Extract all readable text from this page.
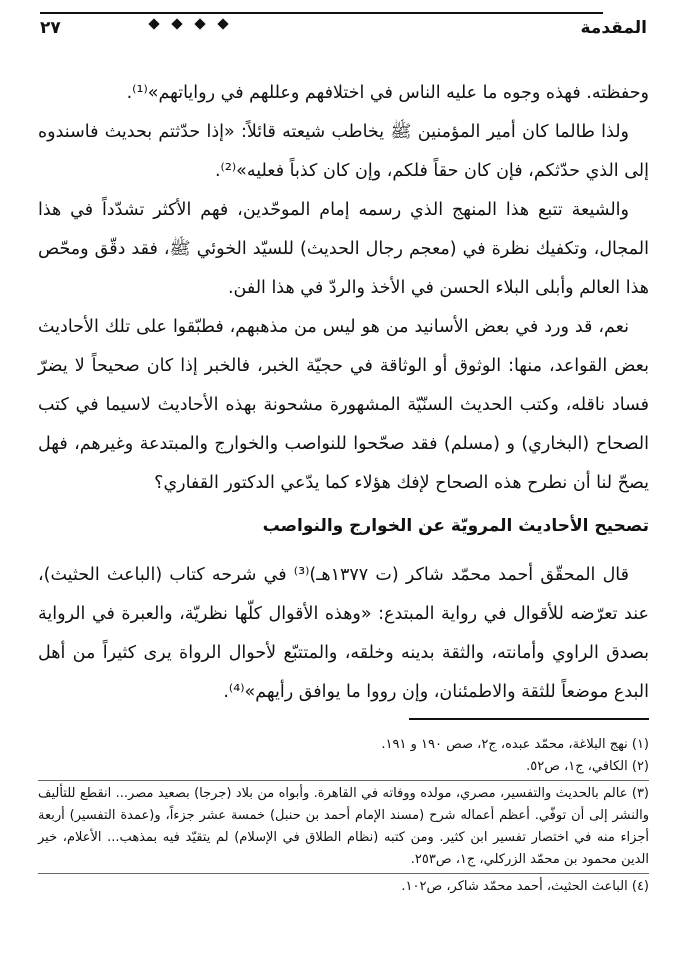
المقدمة
٢٧

وحفظته. فهذه وجوه ما عليه الناس في اختلافهم وعللهم في رواياتهم»⁽¹⁾.

ولذا طالما كان أمير المؤمنين ﷺ يخاطب شيعته قائلاً: «إذا حدّثتم بحديث فاسندوه إلى الذي حدّثكم، فإن كان حقاً فلكم، وإن كان كذباً فعليه»⁽²⁾.

والشيعة تتبع هذا المنهج الذي رسمه إمام الموحّدين، فهم الأكثر تشدّداً في هذا المجال، وتكفيك نظرة في (معجم رجال الحديث) للسيّد الخوئي ﷺ، فقد دقّق ومحّص هذا العالم وأبلى البلاء الحسن في الأخذ والردّ في هذا الفن.

نعم، قد ورد في بعض الأسانيد من هو ليس من مذهبهم، فطبّقوا على تلك الأحاديث بعض القواعد، منها: الوثوق أو الوثاقة في حجيّة الخبر، فالخبر إذا كان صحيحاً لا يضرّ فساد ناقله، وكتب الحديث السنّيّة المشهورة مشحونة بهذه الأحاديث لاسيما في كتب الصحاح (البخاري) و (مسلم) فقد صحّحوا للنواصب والخوارج والمبتدعة وغيرهم، فهل يصحّ لنا أن نطرح هذه الصحاح لإفك هؤلاء كما يدّعي الدكتور القفاري؟

تصحيح الأحاديث المرويّة عن الخوارج والنواصب

قال المحقّق أحمد محمّد شاكر (ت ١٣٧٧هـ)⁽³⁾ في شرحه كتاب (الباعث الحثيث)، عند تعرّضه للأقوال في رواية المبتدع: «وهذه الأقوال كلّها نظريّة، والعبرة في الرواية بصدق الراوي وأمانته، والثقة بدينه وخلقه، والمتتبّع لأحوال الرواة يرى كثيراً من أهل البدع موضعاً للثقة والاطمئنان، وإن رووا ما يوافق رأيهم»⁽⁴⁾.

(١) نهج البلاغة، محمّد عبده، ج٢، صص ١٩٠ و ١٩١.

(٢) الكافي، ج١، ص٥٢.

(٣) عالم بالحديث والتفسير، مصري، مولده ووفاته في القاهرة. وأبواه من بلاد (جرجا) بصعيد مصر... انقطع للتأليف والنشر إلى أن توفّي. أعظم أعماله شرح (مسند الإمام أحمد بن حنبل) خمسة عشر جزءاً، و(عمدة التفسير) أربعة أجزاء منه في اختصار تفسير ابن كثير. ومن كتبه (نظام الطلاق في الإسلام) لم يتقيّد فيه بمذهب... الأعلام، خير الدين محمود بن محمّد الزركلي، ج١، ص٢٥٣.

(٤) الباعث الحثيث، أحمد محمّد شاكر، ص١٠٢.
